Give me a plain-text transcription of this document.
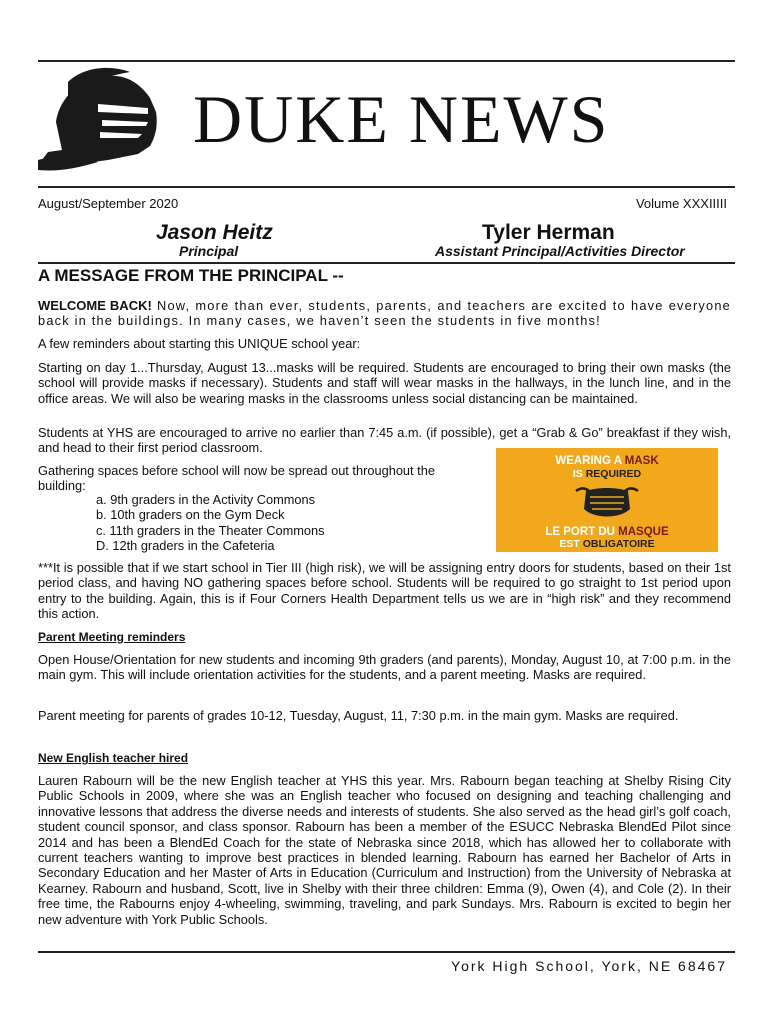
DUKE NEWS
August/September 2020	Volume XXXIIIII
Jason Heitz
Principal
Tyler Herman
Assistant Principal/Activities Director
A MESSAGE FROM THE PRINCIPAL --

WELCOME BACK! Now, more than ever, students, parents, and teachers are excited to have everyone back in the buildings. In many cases, we haven’t seen the students in five months!

A few reminders about starting this UNIQUE school year:

Starting on day 1...Thursday, August 13...masks will be required. Students are encouraged to bring their own masks (the school will provide masks if necessary). Students and staff will wear masks in the hallways, in the lunch line, and in the office areas. We will also be wearing masks in the classrooms unless social distancing can be maintained.

Students at YHS are encouraged to arrive no earlier than 7:45 a.m. (if possible), get a “Grab & Go” breakfast if they wish, and head to their first period classroom.

Gathering spaces before school will now be spread out throughout the building:

a. 9th graders in the Activity Commons
b. 10th graders on the Gym Deck
c. 11th graders in the Theater Commons
D. 12th graders in the Cafeteria
WEARING A MASK
IS REQUIRED
LE PORT DU MASQUE
EST OBLIGATOIRE

***It is possible that if we start school in Tier III (high risk), we will be assigning entry doors for students, based on their 1st period class, and having NO gathering spaces before school. Students will be required to go straight to 1st period upon entry to the building. Again, this is if Four Corners Health Department tells us we are in “high risk” and they recommend this action.

Parent Meeting reminders

Open House/Orientation for new students and incoming 9th graders (and parents), Monday, August 10, at 7:00 p.m. in the main gym. This will include orientation activities for the students, and a parent meeting. Masks are required.

Parent meeting for parents of grades 10-12, Tuesday, August, 11, 7:30 p.m. in the main gym. Masks are required.

New English teacher hired

Lauren Rabourn will be the new English teacher at YHS this year. Mrs. Rabourn began teaching at Shelby Rising City Public Schools in 2009, where she was an English teacher who focused on designing and teaching challenging and innovative lessons that address the diverse needs and interests of students. She also served as the head girl’s golf coach, student council sponsor, and class sponsor. Rabourn has been a member of the ESUCC Nebraska BlendEd Pilot since 2014 and has been a BlendEd Coach for the state of Nebraska since 2018, which has allowed her to collaborate with current teachers wanting to improve best practices in blended learning. Rabourn has earned her Bachelor of Arts in Secondary Education and her Master of Arts in Education (Curriculum and Instruction) from the University of Nebraska at Kearney. Rabourn and husband, Scott, live in Shelby with their three children: Emma (9), Owen (4), and Cole (2). In their free time, the Rabourns enjoy 4-wheeling, swimming, traveling, and park Sundays. Mrs. Rabourn is excited to begin her new adventure with York Public Schools.

York High School, York, NE 68467
